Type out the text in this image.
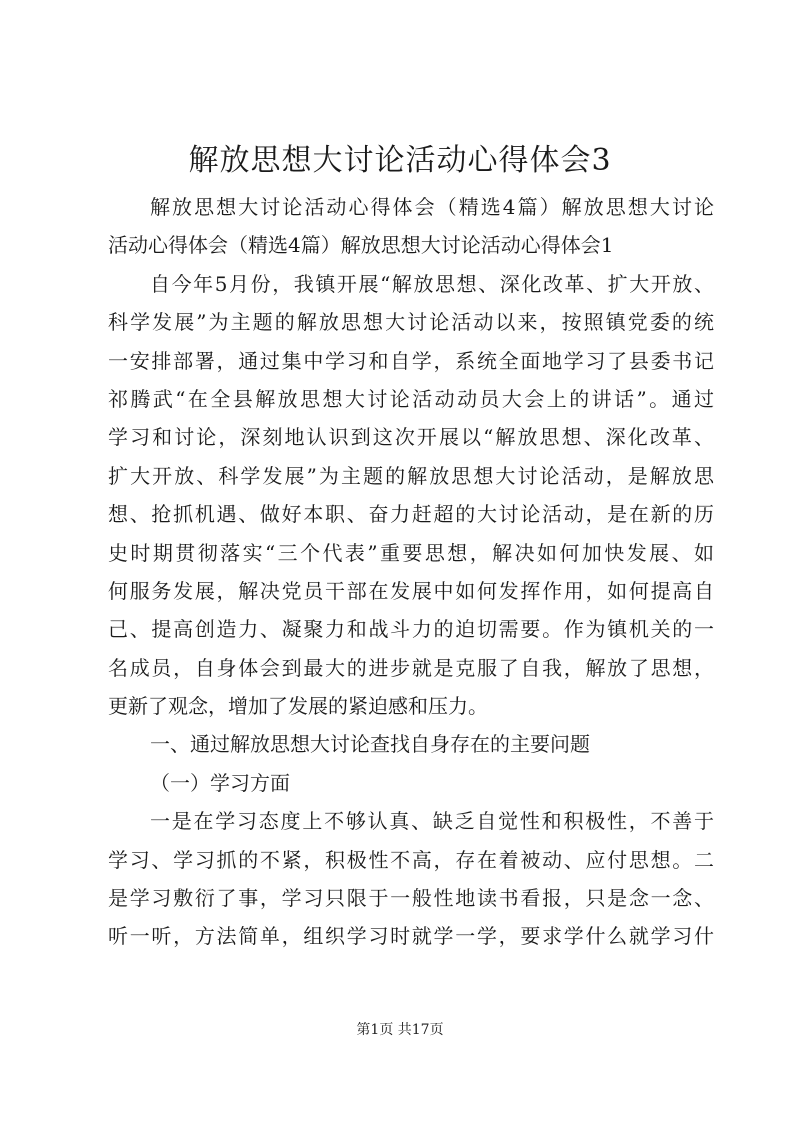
解放思想大讨论活动心得体会3
解放思想大讨论活动心得体会（精选4篇）解放思想大讨论
活动心得体会（精选4篇）解放思想大讨论活动心得体会1
自今年5月份，我镇开展“解放思想、深化改革、扩大开放、
科学发展”为主题的解放思想大讨论活动以来，按照镇党委的统
一安排部署，通过集中学习和自学，系统全面地学习了县委书记
祁腾武“在全县解放思想大讨论活动动员大会上的讲话”。通过
学习和讨论，深刻地认识到这次开展以“解放思想、深化改革、
扩大开放、科学发展”为主题的解放思想大讨论活动，是解放思
想、抢抓机遇、做好本职、奋力赶超的大讨论活动，是在新的历
史时期贯彻落实“三个代表”重要思想，解决如何加快发展、如
何服务发展，解决党员干部在发展中如何发挥作用，如何提高自
己、提高创造力、凝聚力和战斗力的迫切需要。作为镇机关的一
名成员，自身体会到最大的进步就是克服了自我，解放了思想，
更新了观念，增加了发展的紧迫感和压力。
一、通过解放思想大讨论查找自身存在的主要问题
（一）学习方面
一是在学习态度上不够认真、缺乏自觉性和积极性，不善于
学习、学习抓的不紧，积极性不高，存在着被动、应付思想。二
是学习敷衍了事，学习只限于一般性地读书看报，只是念一念、
听一听，方法简单，组织学习时就学一学，要求学什么就学习什
第1页 共17页
